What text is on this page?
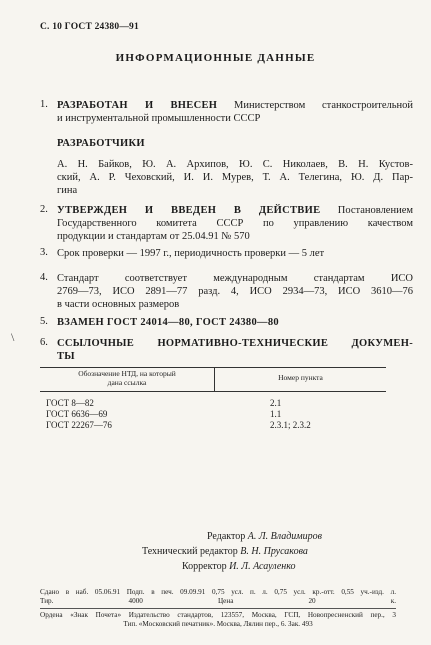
С. 10 ГОСТ 24380—91
ИНФОРМАЦИОННЫЕ ДАННЫЕ
\
1. РАЗРАБОТАН И ВНЕСЕН Министерством станкостроительной
и инструментальной промышленности СССР
РАЗРАБОТЧИКИ
А. Н. Байков, Ю. А. Архипов, Ю. С. Николаев, В. Н. Кустов-
ский, А. Р. Чеховский, И. И. Мурев, Т. А. Телегина, Ю. Д. Пар-
гина
2. УТВЕРЖДЕН И ВВЕДЕН В ДЕЙСТВИЕ Постановлением
Государственного комитета СССР по управлению качеством
продукции и стандартам от 25.04.91 № 570
3. Срок проверки — 1997 г., периодичность проверки — 5 лет
4. Стандарт соответствует международным стандартам ИСО
2769—73, ИСО 2891—77 разд. 4, ИСО 2934—73, ИСО 3610—76
в части основных размеров
5. ВЗАМЕН ГОСТ 24014—80, ГОСТ 24380—80
6. ССЫЛОЧНЫЕ НОРМАТИВНО-ТЕХНИЧЕСКИЕ ДОКУМЕН-
ТЫ
Обозначение НТД, на который
дана ссылка
Номер пункта
ГОСТ 8—82	2.1
ГОСТ 6636—69	1.1
ГОСТ 22267—76	2.3.1; 2.3.2
Редактор А. Л. Владимиров
Технический редактор В. Н. Прусакова
Корректор И. Л. Асауленко
Сдано в наб. 05.06.91 Подп. в печ. 09.09.91 0,75 усл. п. л. 0,75 усл. кр.-отт. 0,55 уч.-изд. л.
Тир. 4000 Цена 20 к.
Ордена «Знак Почета» Издательство стандартов, 123557, Москва, ГСП, Новопресненский пер., 3
Тип. «Московский печатник». Москва, Лялин пер., 6. Зак. 493
